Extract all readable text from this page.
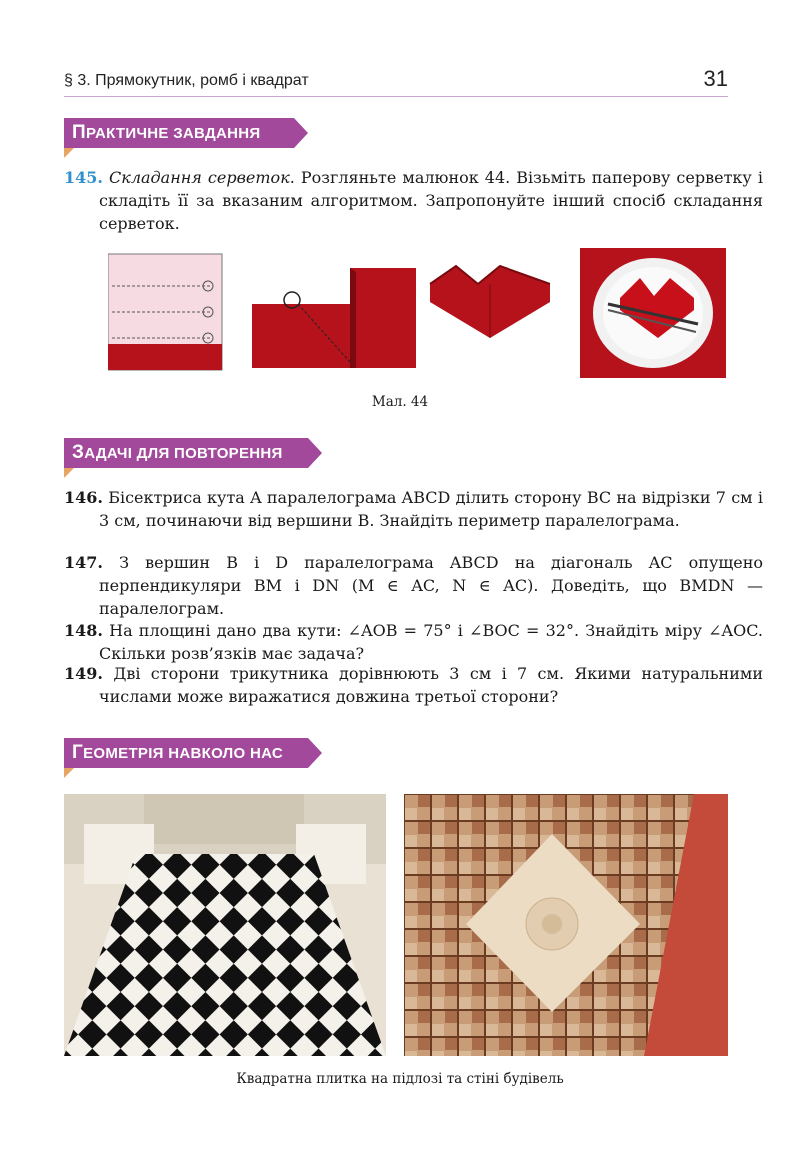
§ 3. Прямокутник, ромб і квадрат	31
ПРАКТИЧНЕ ЗАВДАННЯ
145. Складання серветок. Розгляньте малюнок 44. Візьміть паперову серветку і складіть її за вказаним алгоритмом. Запропонуйте інший спосіб складання серветок.
Мал. 44
ЗАДАЧІ ДЛЯ ПОВТОРЕННЯ
146. Бісектриса кута A паралелограма ABCD ділить сторону BC на відрізки 7 см і 3 см, починаючи від вершини B. Знайдіть периметр паралелограма.
147. З вершин B і D паралелограма ABCD на діагональ AC опущено перпендикуляри BM і DN (M ∈ AC, N ∈ AC). Доведіть, що BMDN — паралелограм.
148. На площині дано два кути: ∠AOB = 75° і ∠BOC = 32°. Знайдіть міру ∠AOC. Скільки розв’язків має задача?
149. Дві сторони трикутника дорівнюють 3 см і 7 см. Якими натуральними числами може виражатися довжина третьої сторони?
ГЕОМЕТРІЯ НАВКОЛО НАС
Квадратна плитка на підлозі та стіні будівель
